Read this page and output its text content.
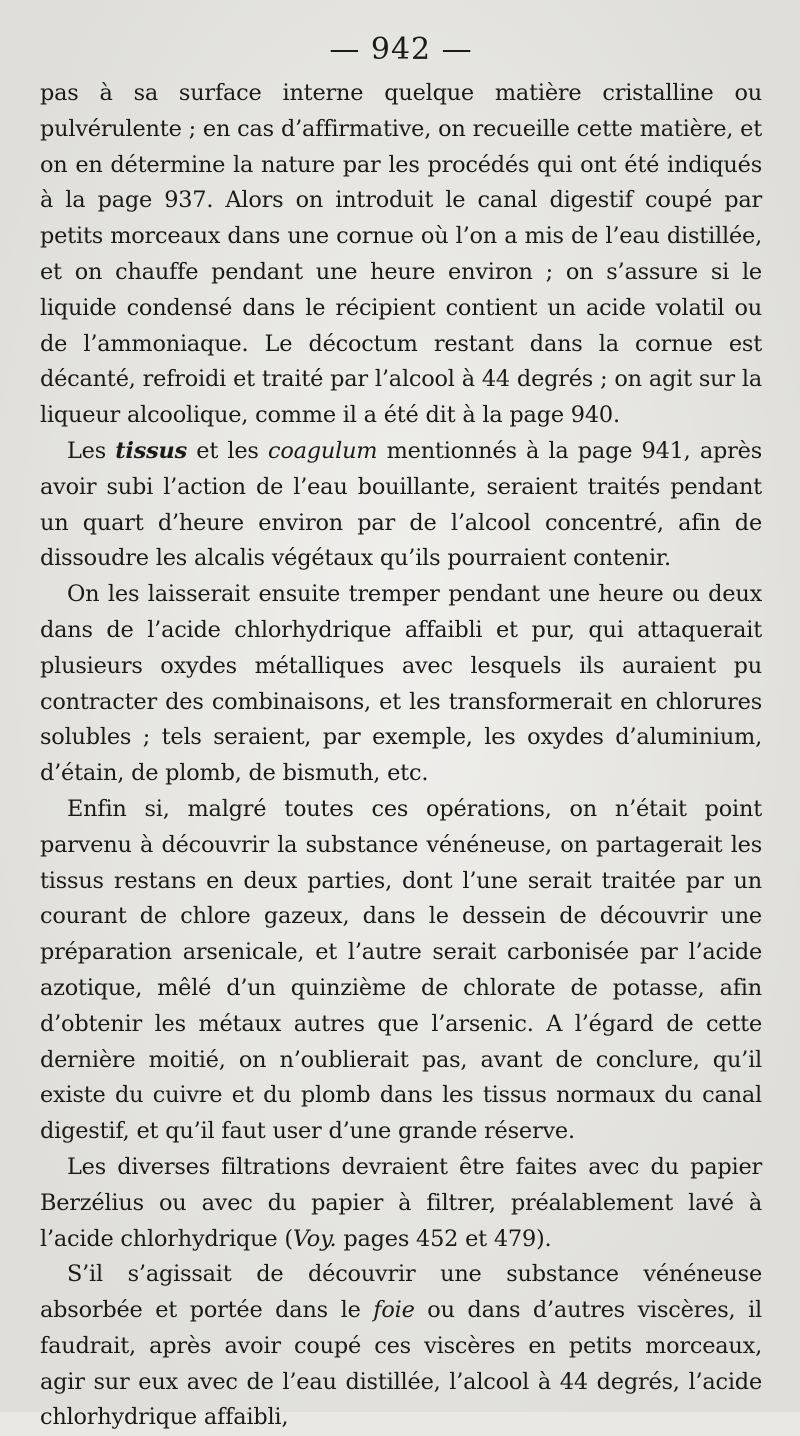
— 942 —

pas à sa surface interne quelque matière cristalline ou pulvérulente ; en cas d’affirmative, on recueille cette matière, et on en détermine la nature par les procédés qui ont été indiqués à la page 937. Alors on introduit le canal digestif coupé par petits morceaux dans une cornue où l’on a mis de l’eau distillée, et on chauffe pendant une heure environ ; on s’assure si le liquide condensé dans le récipient contient un acide volatil ou de l’ammoniaque. Le décoctum restant dans la cornue est décanté, refroidi et traité par l’alcool à 44 degrés ; on agit sur la liqueur alcoolique, comme il a été dit à la page 940.

Les tissus et les coagulum mentionnés à la page 941, après avoir subi l’action de l’eau bouillante, seraient traités pendant un quart d’heure environ par de l’alcool concentré, afin de dissoudre les alcalis végétaux qu’ils pourraient contenir.

On les laisserait ensuite tremper pendant une heure ou deux dans de l’acide chlorhydrique affaibli et pur, qui attaquerait plusieurs oxydes métalliques avec lesquels ils auraient pu contracter des combinaisons, et les transformerait en chlorures solubles ; tels seraient, par exemple, les oxydes d’aluminium, d’étain, de plomb, de bismuth, etc.

Enfin si, malgré toutes ces opérations, on n’était point parvenu à découvrir la substance vénéneuse, on partagerait les tissus restans en deux parties, dont l’une serait traitée par un courant de chlore gazeux, dans le dessein de découvrir une préparation arsenicale, et l’autre serait carbonisée par l’acide azotique, mêlé d’un quinzième de chlorate de potasse, afin d’obtenir les métaux autres que l’arsenic. A l’égard de cette dernière moitié, on n’oublierait pas, avant de conclure, qu’il existe du cuivre et du plomb dans les tissus normaux du canal digestif, et qu’il faut user d’une grande réserve.

Les diverses filtrations devraient être faites avec du papier Berzélius ou avec du papier à filtrer, préalablement lavé à l’acide chlorhydrique (Voy. pages 452 et 479).

S’il s’agissait de découvrir une substance vénéneuse absorbée et portée dans le foie ou dans d’autres viscères, il faudrait, après avoir coupé ces viscères en petits morceaux, agir sur eux avec de l’eau distillée, l’alcool à 44 degrés, l’acide chlorhydrique affaibli,
